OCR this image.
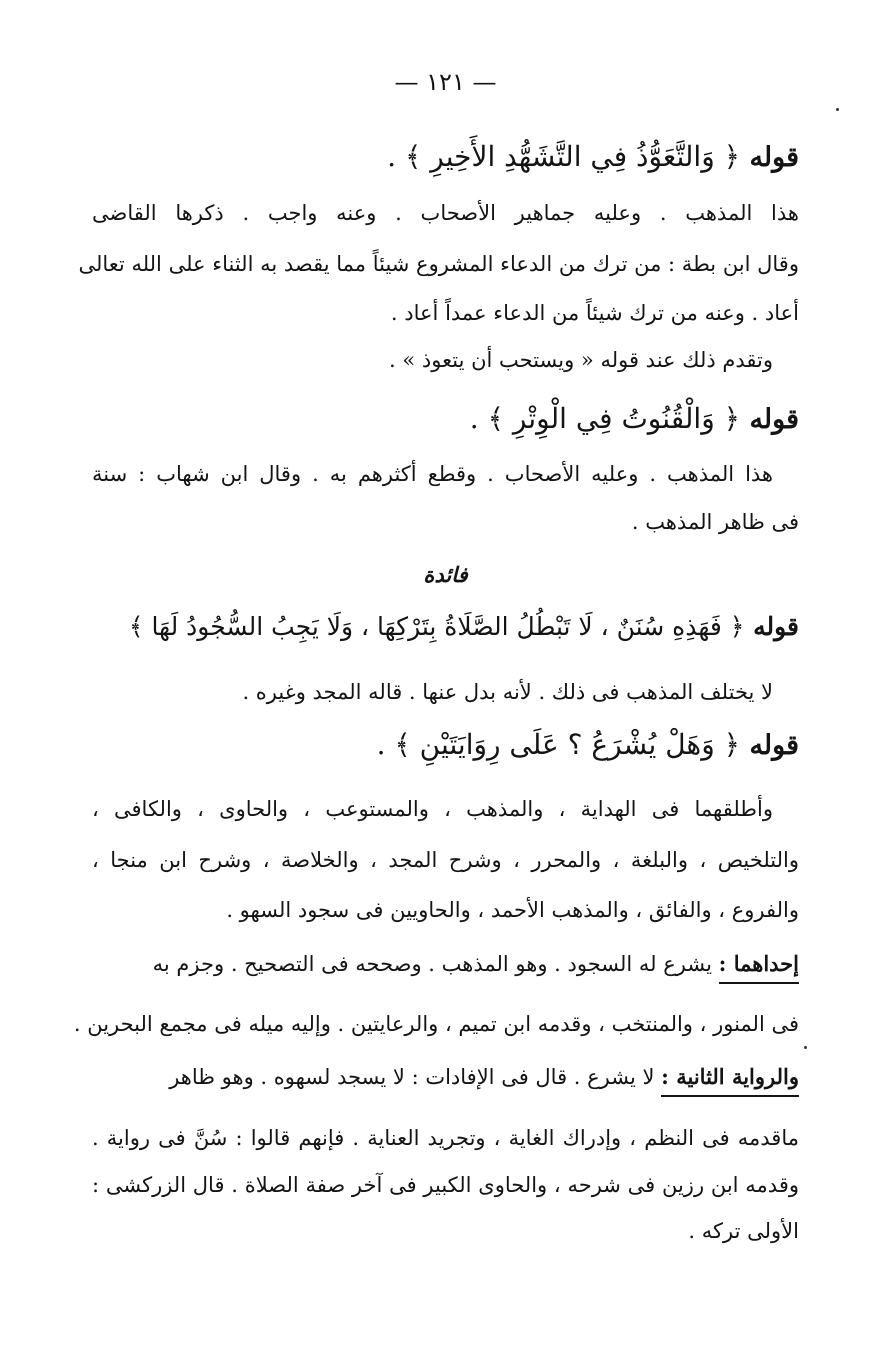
— ١٢١ —
قوله ﴿ وَالتَّعَوُّذُ فِي التَّشَهُّدِ الأَخِيرِ ﴾ .
هذا المذهب . وعليه جماهير الأصحاب . وعنه واجب . ذكرها القاضى
وقال ابن بطة : من ترك من الدعاء المشروع شيئاً مما يقصد به الثناء على الله تعالى
أعاد . وعنه من ترك شيئاً من الدعاء عمداً أعاد .
وتقدم ذلك عند قوله « ويستحب أن يتعوذ » .
قوله ﴿ وَالْقُنُوتُ فِي الْوِتْرِ ﴾ .
هذا المذهب . وعليه الأصحاب . وقطع أكثرهم به . وقال ابن شهاب : سنة
فى ظاهر المذهب .
فائدة
قوله ﴿ فَهَذِهِ سُنَنٌ ، لَا تَبْطُلُ الصَّلَاةُ بِتَرْكِهَا ، وَلَا يَجِبُ السُّجُودُ لَهَا ﴾
لا يختلف المذهب فى ذلك . لأنه بدل عنها . قاله المجد وغيره .
قوله ﴿ وَهَلْ يُشْرَعُ ؟ عَلَى رِوَايَتَيْنِ ﴾ .
وأطلقهما فى الهداية ، والمذهب ، والمستوعب ، والحاوى ، والكافى ،
والتلخيص ، والبلغة ، والمحرر ، وشرح المجد ، والخلاصة ، وشرح ابن منجا ،
والفروع ، والفائق ، والمذهب الأحمد ، والحاويين فى سجود السهو .
إحداهما : يشرع له السجود . وهو المذهب . وصححه فى التصحيح . وجزم به
فى المنور ، والمنتخب ، وقدمه ابن تميم ، والرعايتين . وإليه ميله فى مجمع البحرين .
والرواية الثانية : لا يشرع . قال فى الإفادات : لا يسجد لسهوه . وهو ظاهر
ماقدمه فى النظم ، وإدراك الغاية ، وتجريد العناية . فإنهم قالوا : سُنَّ فى رواية .
وقدمه ابن رزين فى شرحه ، والحاوى الكبير فى آخر صفة الصلاة . قال الزركشى :
الأولى تركه .
